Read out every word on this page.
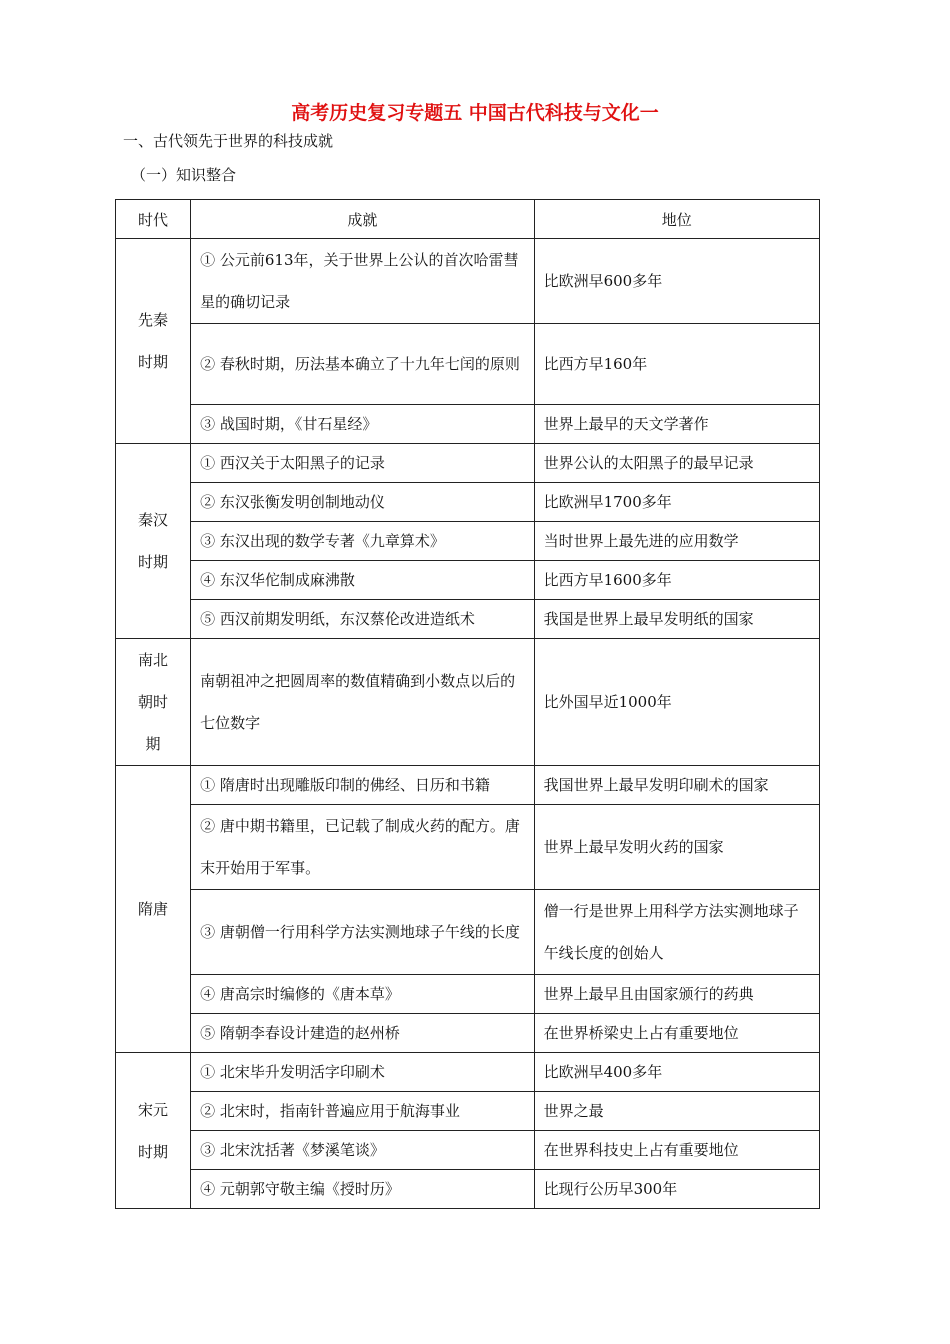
高考历史复习专题五 中国古代科技与文化一
一、古代领先于世界的科技成就
（一）知识整合
时代	成就	地位
先秦时期	① 公元前613年，关于世界上公认的首次哈雷彗星的确切记录	比欧洲早600多年
	② 春秋时期，历法基本确立了十九年七闰的原则	比西方早160年
	③ 战国时期，《甘石星经》	世界上最早的天文学著作
秦汉时期	① 西汉关于太阳黑子的记录	世界公认的太阳黑子的最早记录
	② 东汉张衡发明创制地动仪	比欧洲早1700多年
	③ 东汉出现的数学专著《九章算术》	当时世界上最先进的应用数学
	④ 东汉华佗制成麻沸散	比西方早1600多年
	⑤ 西汉前期发明纸，东汉蔡伦改进造纸术	我国是世界上最早发明纸的国家
南北朝时期	南朝祖冲之把圆周率的数值精确到小数点以后的七位数字	比外国早近1000年
隋唐	① 隋唐时出现雕版印制的佛经、日历和书籍	我国世界上最早发明印刷术的国家
	② 唐中期书籍里，已记载了制成火药的配方。唐末开始用于军事。	世界上最早发明火药的国家
	③ 唐朝僧一行用科学方法实测地球子午线的长度	僧一行是世界上用科学方法实测地球子午线长度的创始人
	④ 唐高宗时编修的《唐本草》	世界上最早且由国家颁行的药典
	⑤ 隋朝李春设计建造的赵州桥	在世界桥梁史上占有重要地位
宋元时期	① 北宋毕升发明活字印刷术	比欧洲早400多年
	② 北宋时，指南针普遍应用于航海事业	世界之最
	③ 北宋沈括著《梦溪笔谈》	在世界科技史上占有重要地位
	④ 元朝郭守敬主编《授时历》	比现行公历早300年
